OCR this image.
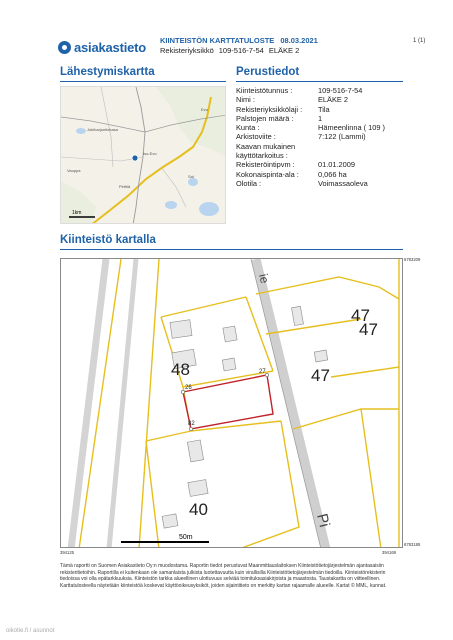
asiakastieto KIINTEISTÖN KARTTATULOSTE 08.03.2021
Rekisteriyksikkö 109-516-7-54 ELÄKE 2
1 (1)
Lähestymiskartta	Perustiedot
Evo
Jokiharjuntiekasa
Iso-Evo
Vaoppa
Pirttilä
Sal
1km
Kiinteistötunnus :	109-516-7-54
Nimi :	ELÄKE 2
Rekisteriyksikkölaji :	Tila
Palstojen määrä :	1
Kunta :	Hämeenlinna ( 109 )
Arkistoviite :	7:122 (Lammi)
Kaavan mukainen
käyttötarkoitus :
Rekisteröintipvm :	01.01.2009
Kokonaispinta-ala :	0,066 ha
Olotila :	Voimassaoleva
Kiinteistö kartalla
48	47
47
47
40
26
27
82
ie
Pi
50m
6783209
6783185
394125	394169
Tämä raportti on Suomen Asiakastieto Oy:n muodostama. Raportin tiedot perustuvat Maanmittauslaitoksen Kiinteistötietojärjestelmän ajantasaisiin rekisteritietoihin. Raportilla ei kuitenkaan ole samanlaista julkista luotettavuutta kuin virallisilla Kiinteistötietojärjestelmän tiedoilla. Kiinteistörekisterin tiedoissa voi olla epätarkkuuksia. Kiinteistön tarkka alueellinen ulottuvuus selviää toimituksasiakirjoista ja maastosta. Taustakartta on viitteellinen. Karttatulosteella näytetään kiinteistöä koskevat käyttöoikeusyksiköt, joiden sijaintitieto on merkitty kartan rajaamalle alueelle. Kartat © MML, kunnat.
oikotie.fi / asunnot
